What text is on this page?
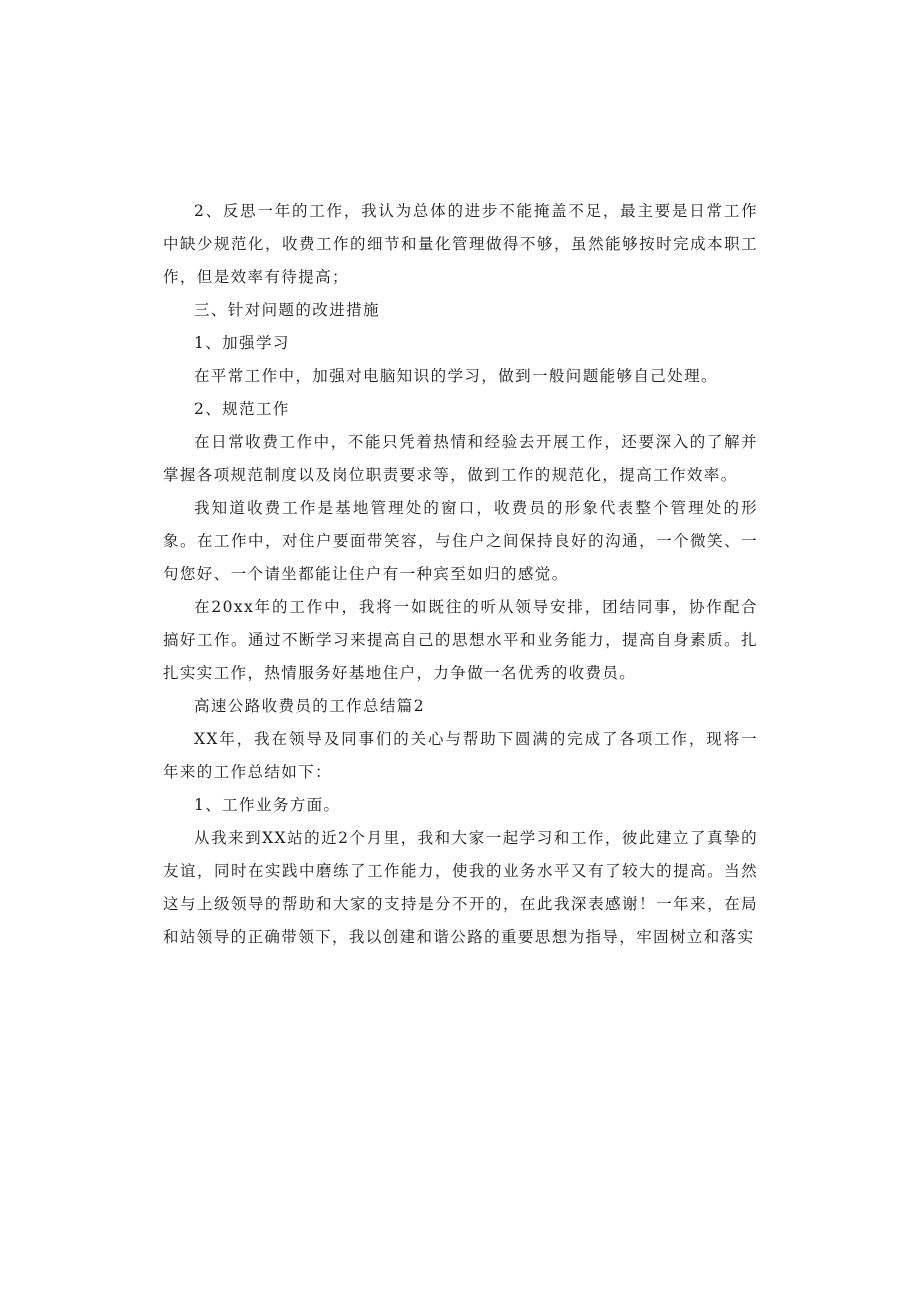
2、反思一年的工作，我认为总体的进步不能掩盖不足，最主要是日常工作中缺少规范化，收费工作的细节和量化管理做得不够，虽然能够按时完成本职工作，但是效率有待提高；

三、针对问题的改进措施

1、加强学习

在平常工作中，加强对电脑知识的学习，做到一般问题能够自己处理。

2、规范工作

在日常收费工作中，不能只凭着热情和经验去开展工作，还要深入的了解并掌握各项规范制度以及岗位职责要求等，做到工作的规范化，提高工作效率。

我知道收费工作是基地管理处的窗口，收费员的形象代表整个管理处的形象。在工作中，对住户要面带笑容，与住户之间保持良好的沟通，一个微笑、一句您好、一个请坐都能让住户有一种宾至如归的感觉。

在20xx年的工作中，我将一如既往的听从领导安排，团结同事，协作配合搞好工作。通过不断学习来提高自己的思想水平和业务能力，提高自身素质。扎扎实实工作，热情服务好基地住户，力争做一名优秀的收费员。

高速公路收费员的工作总结篇2

XX年，我在领导及同事们的关心与帮助下圆满的完成了各项工作，现将一年来的工作总结如下：

1、工作业务方面。

从我来到XX站的近2个月里，我和大家一起学习和工作，彼此建立了真挚的友谊，同时在实践中磨练了工作能力，使我的业务水平又有了较大的提高。当然这与上级领导的帮助和大家的支持是分不开的，在此我深表感谢！一年来，在局和站领导的正确带领下，我以创建和谐公路的重要思想为指导，牢固树立和落实
